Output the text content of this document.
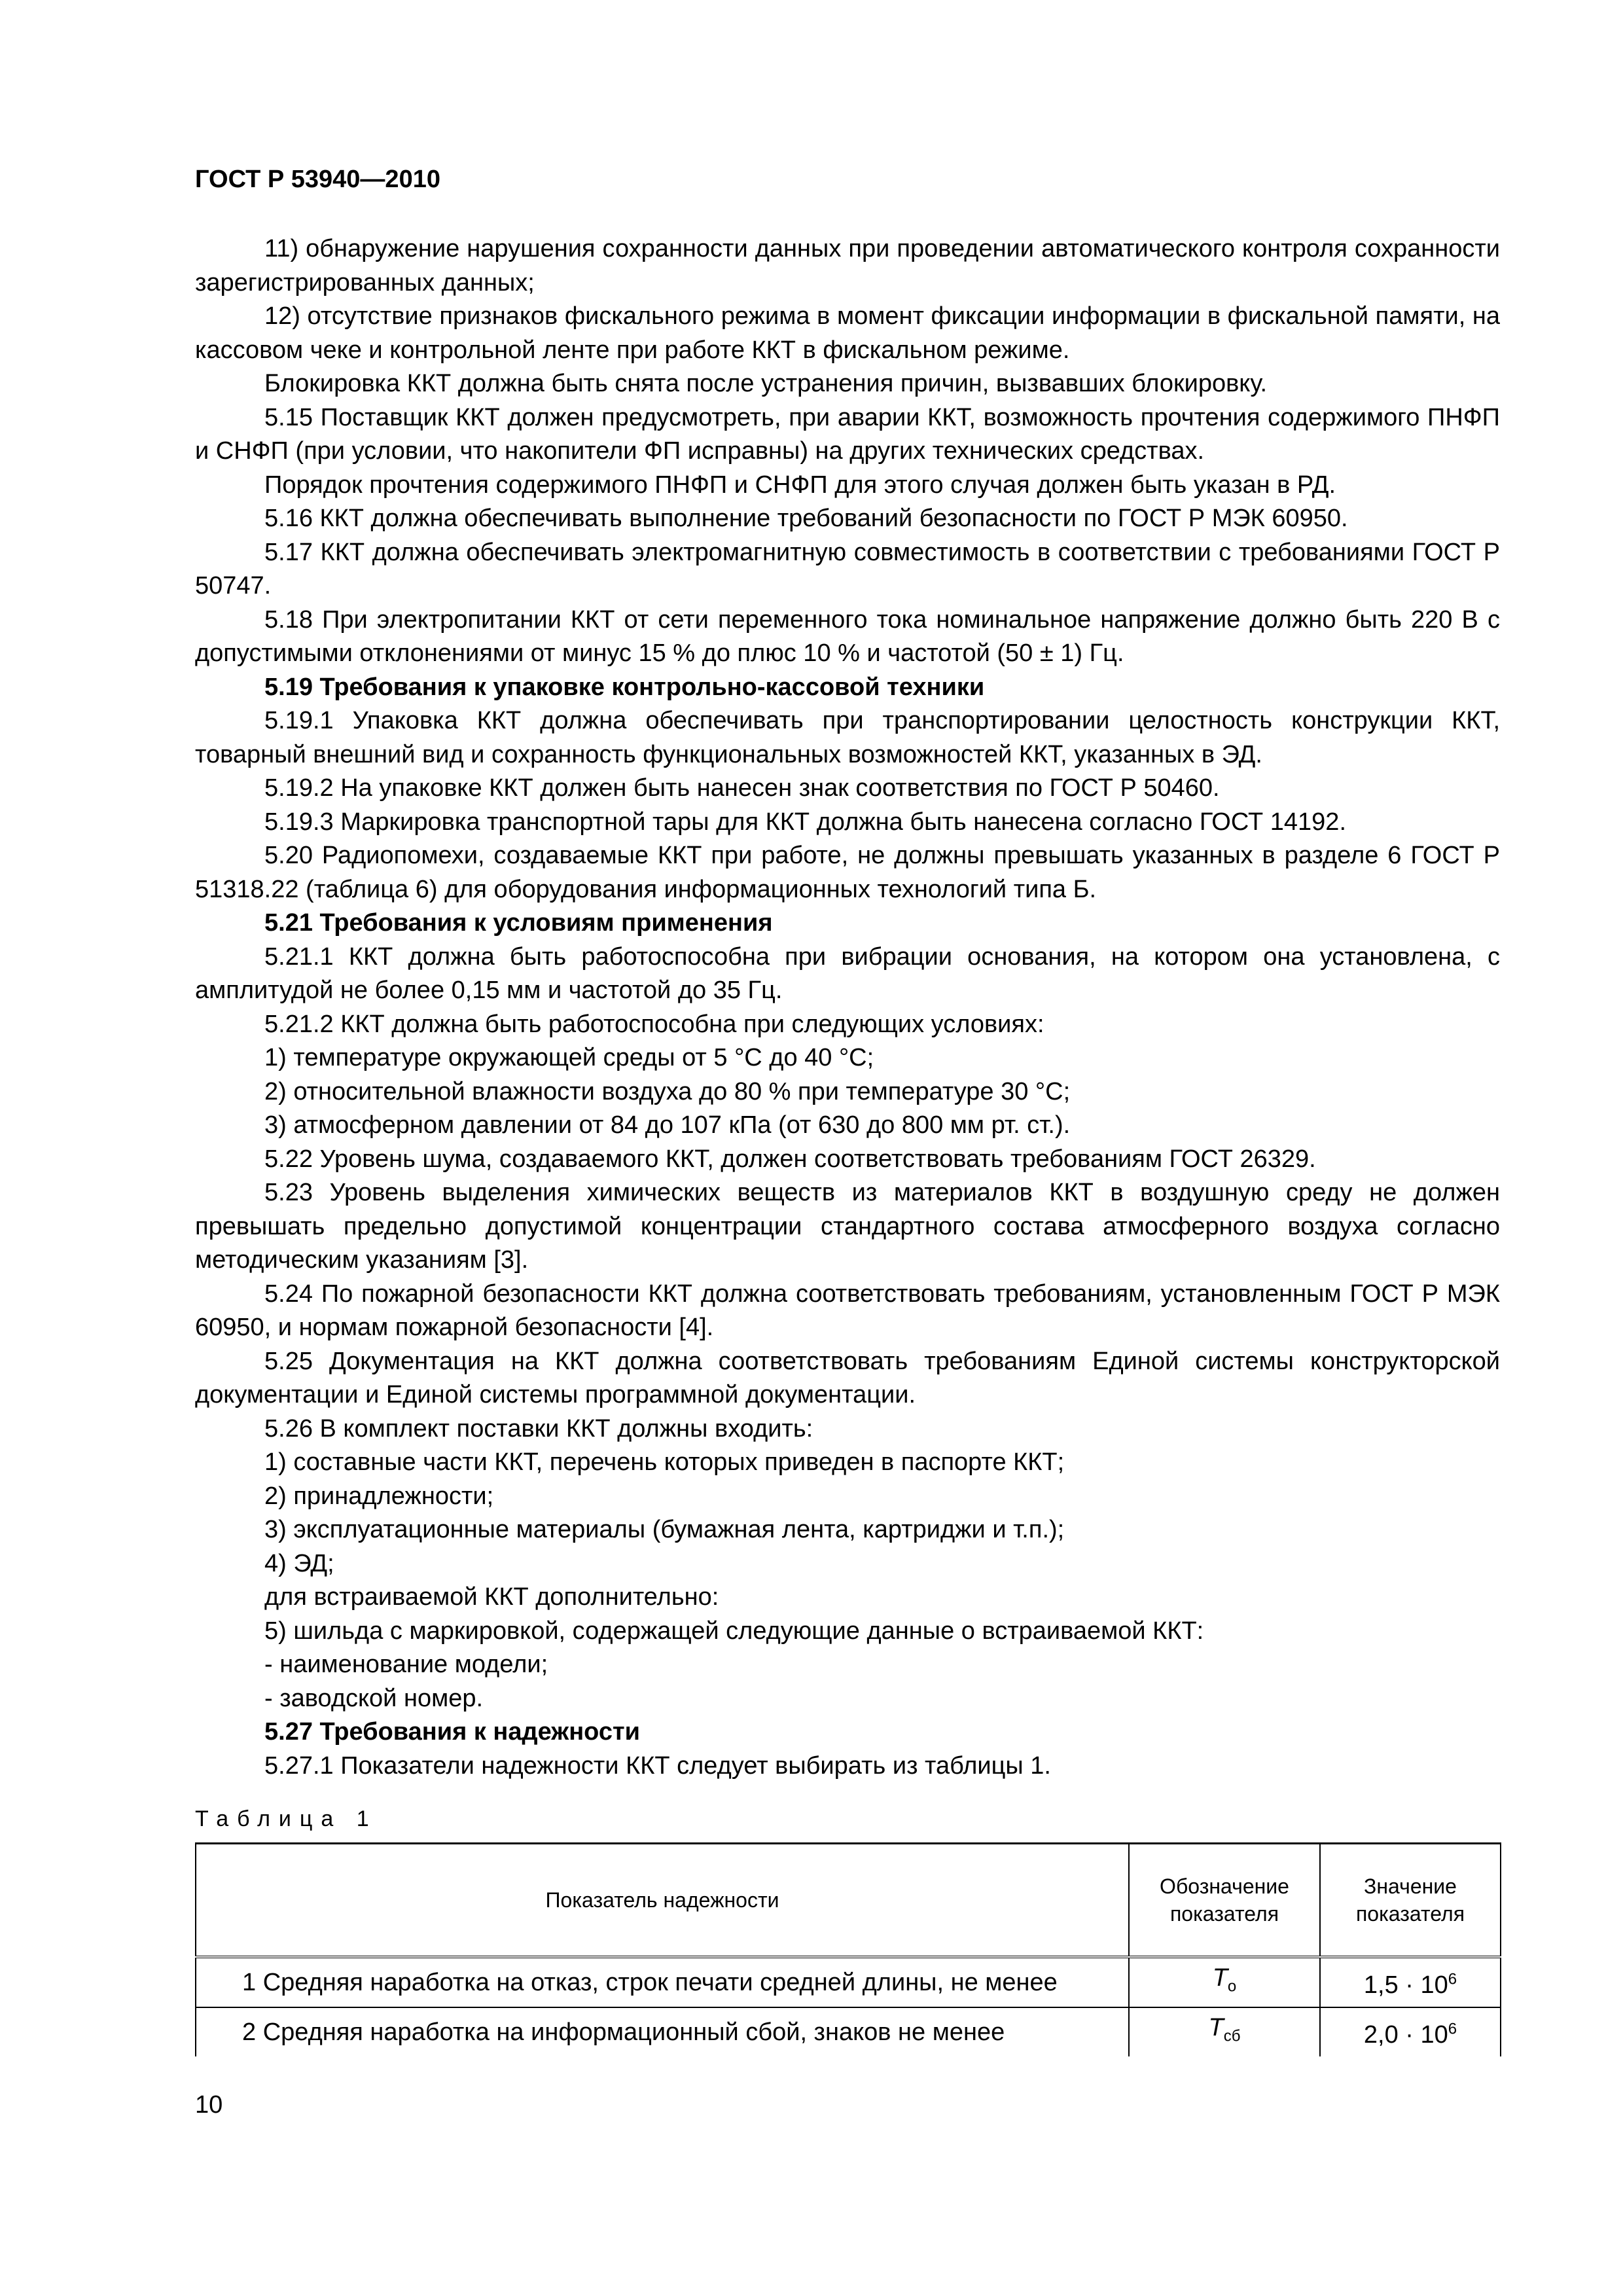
ГОСТ Р 53940—2010

11) обнаружение нарушения сохранности данных при проведении автоматического контроля сохранности зарегистрированных данных;

12) отсутствие признаков фискального режима в момент фиксации информации в фискальной памяти, на кассовом чеке и контрольной ленте при работе ККТ в фискальном режиме.

Блокировка ККТ должна быть снята после устранения причин, вызвавших блокировку.

5.15 Поставщик ККТ должен предусмотреть, при аварии ККТ, возможность прочтения содержимого ПНФП и СНФП (при условии, что накопители ФП исправны) на других технических средствах.

Порядок прочтения содержимого ПНФП и СНФП для этого случая должен быть указан в РД.

5.16 ККТ должна обеспечивать выполнение требований безопасности по ГОСТ Р МЭК 60950.

5.17 ККТ должна обеспечивать электромагнитную совместимость в соответствии с требованиями ГОСТ Р 50747.

5.18 При электропитании ККТ от сети переменного тока номинальное напряжение должно быть 220 В с допустимыми отклонениями от минус 15 % до плюс 10 % и частотой (50 ± 1) Гц.

5.19 Требования к упаковке контрольно-кассовой техники

5.19.1 Упаковка ККТ должна обеспечивать при транспортировании целостность конструкции ККТ, товарный внешний вид и сохранность функциональных возможностей ККТ, указанных в ЭД.

5.19.2 На упаковке ККТ должен быть нанесен знак соответствия по ГОСТ Р 50460.

5.19.3 Маркировка транспортной тары для ККТ должна быть нанесена согласно ГОСТ 14192.

5.20 Радиопомехи, создаваемые ККТ при работе, не должны превышать указанных в разделе 6 ГОСТ Р 51318.22 (таблица 6) для оборудования информационных технологий типа Б.

5.21 Требования к условиям применения

5.21.1 ККТ должна быть работоспособна при вибрации основания, на котором она установлена, с амплитудой не более 0,15 мм и частотой до 35 Гц.

5.21.2 ККТ должна быть работоспособна при следующих условиях:

1) температуре окружающей среды от 5 °С до 40 °С;

2) относительной влажности воздуха до 80 % при температуре 30 °С;

3) атмосферном давлении от 84 до 107 кПа (от 630 до 800 мм рт. ст.).

5.22 Уровень шума, создаваемого ККТ, должен соответствовать требованиям ГОСТ 26329.

5.23 Уровень выделения химических веществ из материалов ККТ в воздушную среду не должен превышать предельно допустимой концентрации стандартного состава атмосферного воздуха согласно методическим указаниям [3].

5.24 По пожарной безопасности ККТ должна соответствовать требованиям, установленным ГОСТ Р МЭК 60950, и нормам пожарной безопасности [4].

5.25 Документация на ККТ должна соответствовать требованиям Единой системы конструкторской документации и Единой системы программной документации.

5.26 В комплект поставки ККТ должны входить:

1) составные части ККТ, перечень которых приведен в паспорте ККТ;

2) принадлежности;

3) эксплуатационные материалы (бумажная лента, картриджи и т.п.);

4) ЭД;

для встраиваемой ККТ дополнительно:

5) шильда с маркировкой, содержащей следующие данные о встраиваемой ККТ:

- наименование модели;

- заводской номер.

5.27 Требования к надежности

5.27.1 Показатели надежности ККТ следует выбирать из таблицы 1.

Таблица 1
Показатель надежности	Обозначение показателя	Значение показателя
1 Средняя наработка на отказ, строк печати средней длины, не менее	$T_о$	$1,5 \cdot 10^6$
2 Средняя наработка на информационный сбой, знаков не менее	$T_{сб}$	$2,0 \cdot 10^6$
10
